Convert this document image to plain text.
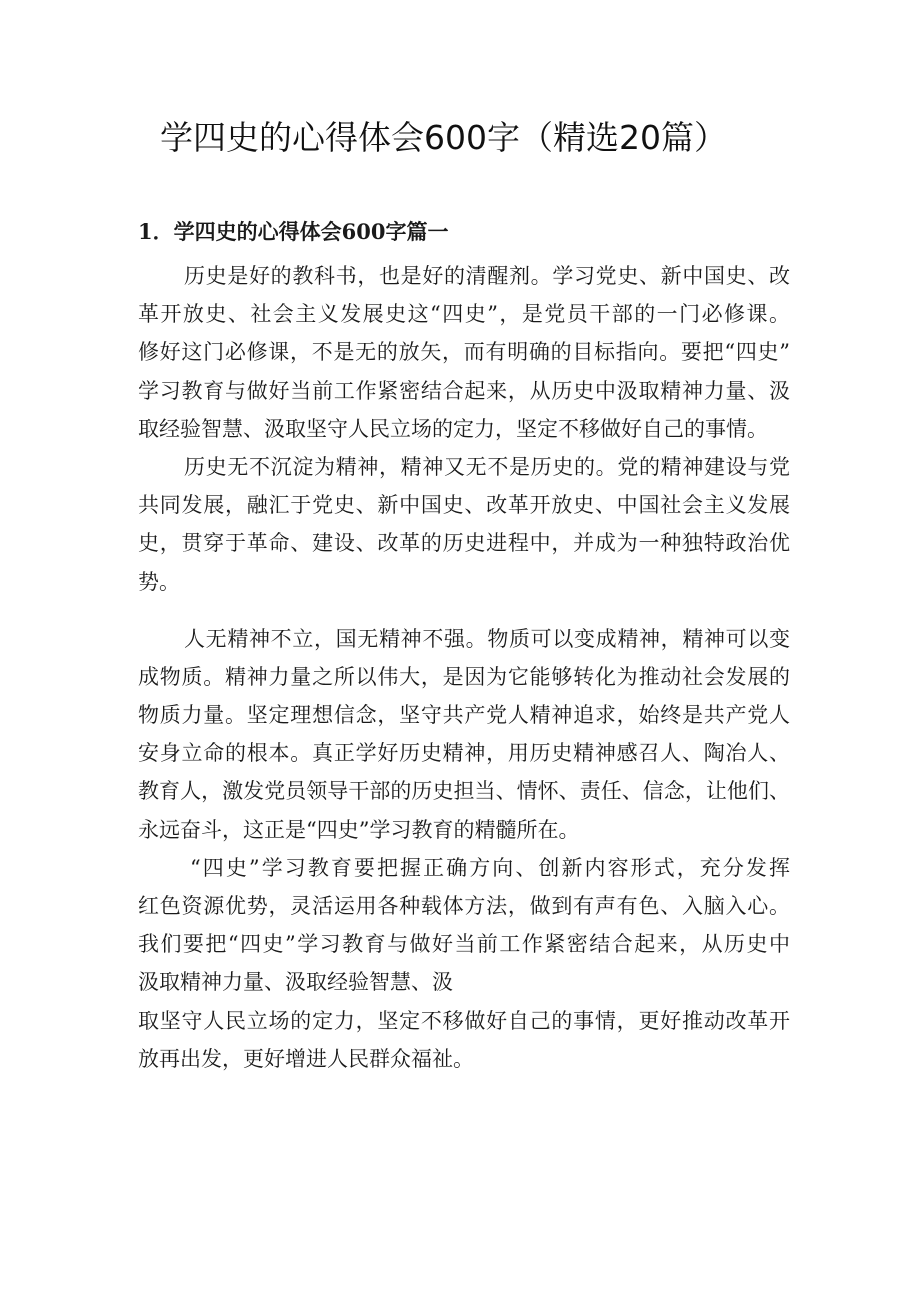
学四史的心得体会600字（精选20篇）
1．学四史的心得体会600字篇一

历史是好的教科书，也是好的清醒剂。学习党史、新中国史、改
革开放史、社会主义发展史这“四史”，是党员干部的一门必修课。
修好这门必修课，不是无的放矢，而有明确的目标指向。要把“四史”
学习教育与做好当前工作紧密结合起来，从历史中汲取精神力量、汲
取经验智慧、汲取坚守人民立场的定力，坚定不移做好自己的事情。

历史无不沉淀为精神，精神又无不是历史的。党的精神建设与党
共同发展，融汇于党史、新中国史、改革开放史、中国社会主义发展
史，贯穿于革命、建设、改革的历史进程中，并成为一种独特政治优
势。

人无精神不立，国无精神不强。物质可以变成精神，精神可以变
成物质。精神力量之所以伟大，是因为它能够转化为推动社会发展的
物质力量。坚定理想信念，坚守共产党人精神追求，始终是共产党人
安身立命的根本。真正学好历史精神，用历史精神感召人、陶冶人、
教育人，激发党员领导干部的历史担当、情怀、责任、信念，让他们、
永远奋斗，这正是“四史”学习教育的精髓所在。

“四史”学习教育要把握正确方向、创新内容形式，充分发挥
红色资源优势，灵活运用各种载体方法，做到有声有色、入脑入心。
我们要把“四史”学习教育与做好当前工作紧密结合起来，从历史中
汲取精神力量、汲取经验智慧、汲
取坚守人民立场的定力，坚定不移做好自己的事情，更好推动改革开
放再出发，更好增进人民群众福祉。
